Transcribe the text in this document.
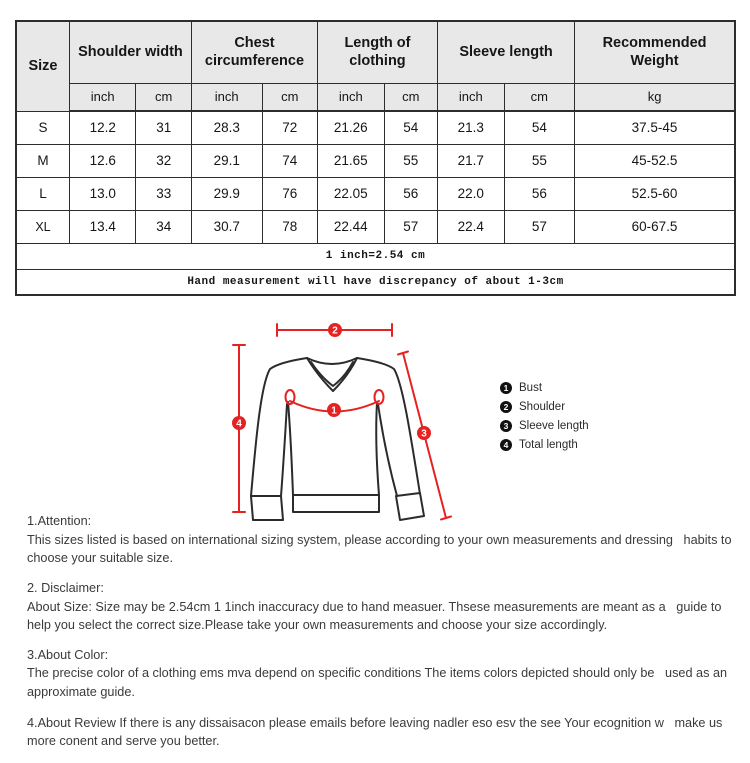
Size	Shoulder width		Chest circumference		Length of clothing		Sleeve length		Recommended Weight
	inch	cm	inch	cm	inch	cm	inch	cm	kg
S	12.2	31	28.3	72	21.26	54	21.3	54	37.5-45
M	12.6	32	29.1	74	21.65	55	21.7	55	45-52.5
L	13.0	33	29.9	76	22.05	56	22.0	56	52.5-60
XL	13.4	34	30.7	78	22.44	57	22.4	57	60-67.5
1 inch=2.54 cm									
Hand measurement will have discrepancy of about 1-3cm									
1
2
3
4
1 Bust
2 Shoulder
3 Sleeve length
4 Total length
1.Attention:
This sizes listed is based on international sizing system, please according to your own measurements and dressing   habits to choose your suitable size.
2. Disclaimer:
About Size: Size may be 2.54cm 1 1inch inaccuracy due to hand measuer. Thsese measurements are meant as a   guide to help you select the correct size.Please take your own measurements and choose your size accordingly.
3.About Color:
The precise color of a clothing ems mva depend on specific conditions The items colors depicted should only be   used as an approximate guide.
4.About Review If there is any dissaisacon please emails before leaving nadler eso esv the see Your ecognition w   make us more conent and serve you better.
